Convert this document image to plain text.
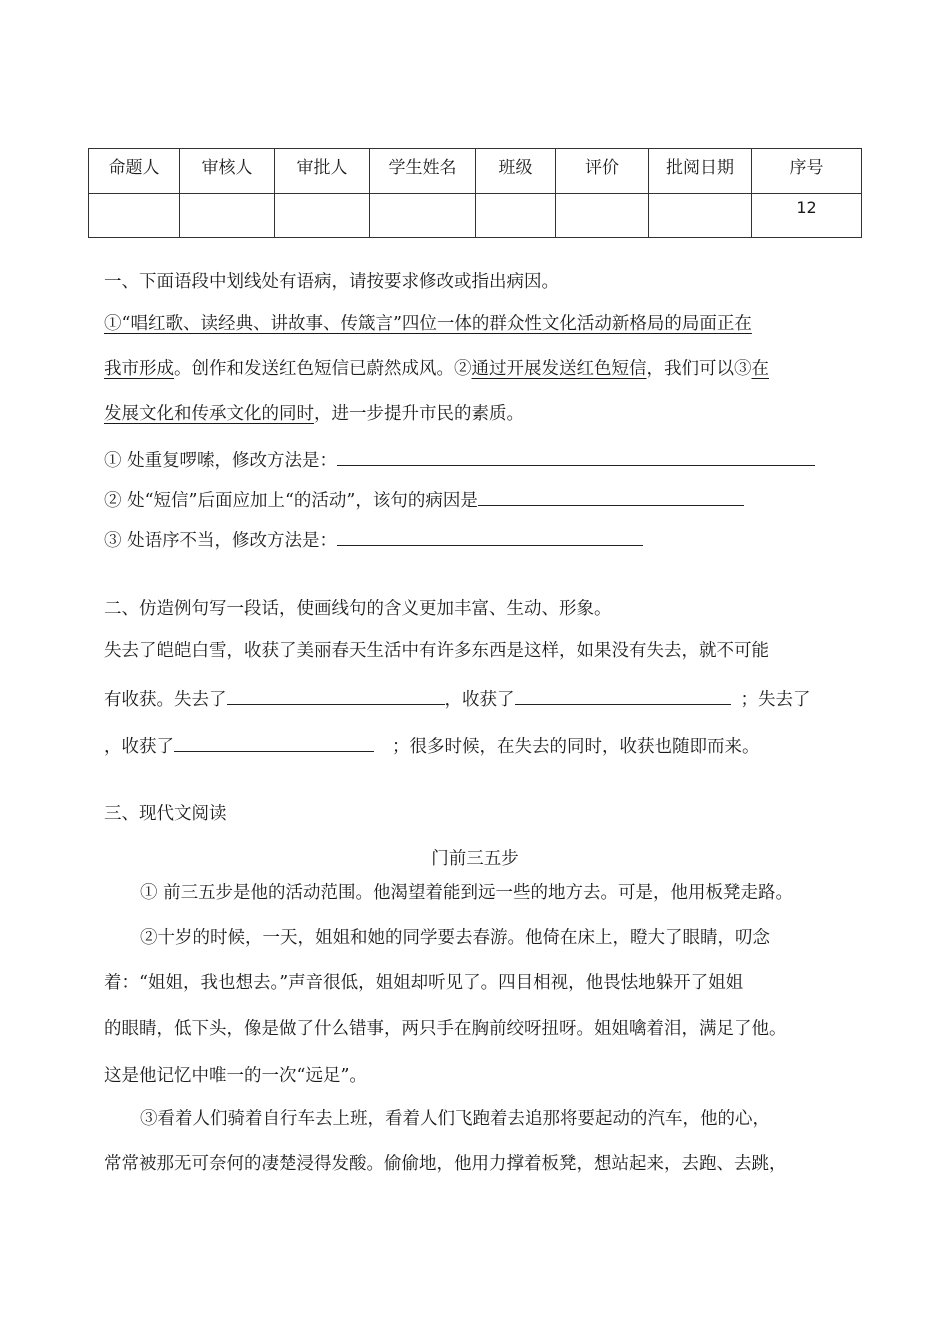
命题人	审核人	审批人	学生姓名	班级	评价	批阅日期	序号
							12
一、下面语段中划线处有语病，请按要求修改或指出病因。
①“唱红歌、读经典、讲故事、传箴言”四位一体的群众性文化活动新格局的局面正在
我市形成。创作和发送红色短信已蔚然成风。②通过开展发送红色短信，我们可以③在
发展文化和传承文化的同时，进一步提升市民的素质。
① 处重复啰嗦，修改方法是：
② 处“短信”后面应加上“的活动”，该句的病因是
③ 处语序不当，修改方法是：
二、仿造例句写一段话，使画线句的含义更加丰富、生动、形象。
失去了皑皑白雪，收获了美丽春天生活中有许多东西是这样，如果没有失去，就不可能
有收获。失去了	，收获了	；失去了
，收获了	；很多时候，在失去的同时，收获也随即而来。
三、现代文阅读
门前三五步
① 前三五步是他的活动范围。他渴望着能到远一些的地方去。可是，他用板凳走路。
②十岁的时候，一天，姐姐和她的同学要去春游。他倚在床上，瞪大了眼睛，叨念
着：“姐姐，我也想去。”声音很低，姐姐却听见了。四目相视，他畏怯地躲开了姐姐
的眼睛，低下头，像是做了什么错事，两只手在胸前绞呀扭呀。姐姐噙着泪，满足了他。
这是他记忆中唯一的一次“远足”。
③看着人们骑着自行车去上班，看着人们飞跑着去追那将要起动的汽车，他的心，
常常被那无可奈何的凄楚浸得发酸。偷偷地，他用力撑着板凳，想站起来，去跑、去跳，
